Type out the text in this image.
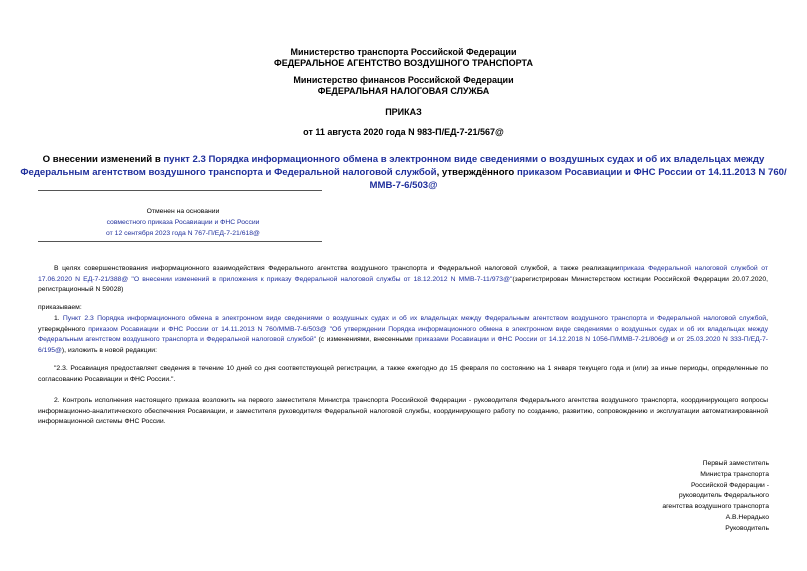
Министерство транспорта Российской Федерации
ФЕДЕРАЛЬНОЕ АГЕНТСТВО ВОЗДУШНОГО ТРАНСПОРТА
Министерство финансов Российской Федерации
ФЕДЕРАЛЬНАЯ НАЛОГОВАЯ СЛУЖБА
ПРИКАЗ
от 11 августа 2020 года N 983-П/ЕД-7-21/567@
О внесении изменений в пункт 2.3 Порядка информационного обмена в электронном виде сведениями о воздушных судах и об их владельцах между Федеральным агентством воздушного транспорта и Федеральной налоговой службой, утверждённого приказом Росавиации и ФНС России от 14.11.2013 N 760/ММВ-7-6/503@
Отменен на основании
совместного приказа Росавиации и ФНС России
от 12 сентября 2023 года N 767-П/ЕД-7-21/618@
В целях совершенствования информационного взаимодействия Федерального агентства воздушного транспорта и Федеральной налоговой службой, а также реализацииприказа Федеральной налоговой службой от 17.06.2020 N ЕД-7-21/388@ "О внесении изменений в приложения к приказу Федеральной налоговой службы от 18.12.2012 N ММВ-7-11/973@"(зарегистрирован Министерством юстиции Российской Федерации 20.07.2020, регистрационный N 59028)
приказываем:
1. Пункт 2.3 Порядка информационного обмена в электронном виде сведениями о воздушных судах и об их владельцах между Федеральным агентством воздушного транспорта и Федеральной налоговой службой, утверждённого приказом Росавиации и ФНС России от 14.11.2013 N 760/ММВ-7-6/503@ "Об утверждении Порядка информационного обмена в электронном виде сведениями о воздушных судах и об их владельцах между Федеральным агентством воздушного транспорта и Федеральной налоговой службой" (с изменениями, внесенными приказами Росавиации и ФНС России от 14.12.2018 N 1056-П/ММВ-7-21/806@ и от 25.03.2020 N 333-П/ЕД-7-6/195@), изложить в новой редакции:
"2.3. Росавиация предоставляет сведения в течение 10 дней со дня соответствующей регистрации, а также ежегодно до 15 февраля по состоянию на 1 января текущего года и (или) за иные периоды, определенные по согласованию Росавиации и ФНС России.".
2. Контроль исполнения настоящего приказа возложить на первого заместителя Министра транспорта Российской Федерации - руководителя Федерального агентства воздушного транспорта, координирующего вопросы информационно-аналитического обеспечения Росавиации, и заместителя руководителя Федеральной налоговой службы, координирующего работу по созданию, развитию, сопровождению и эксплуатации автоматизированной информационной системы ФНС России.
Первый заместитель
Министра транспорта
Российской Федерации -
руководитель Федерального
агентства воздушного транспорта
А.В.Нерадько
Руководитель
